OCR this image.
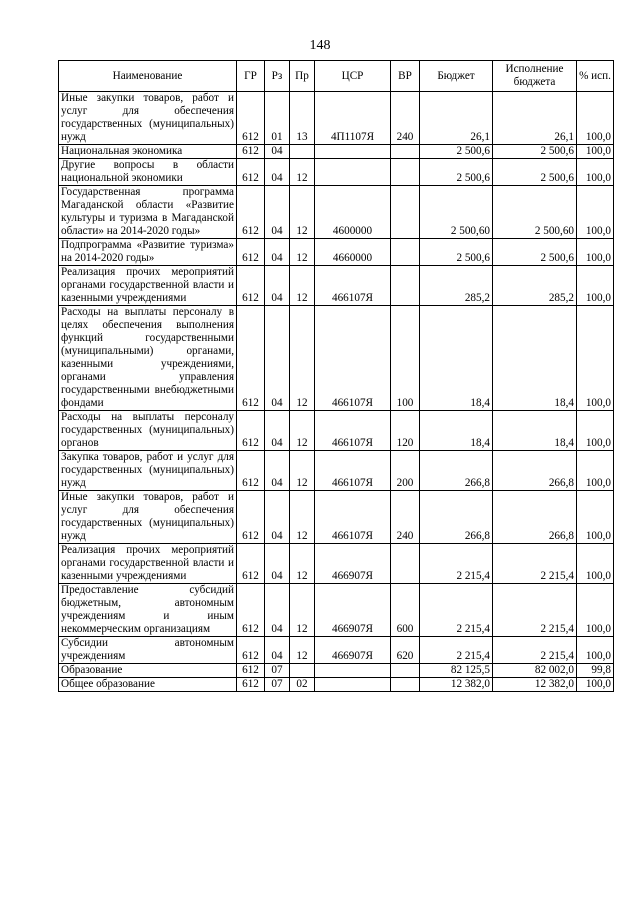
148
Наименование	ГР	Рз	Пр	ЦСР	ВР	Бюджет	Исполнение бюджета	% исп.
Иные закупки товаров, работ и услуг для обеспечения государственных (муниципальных) нужд	612	01	13	4П1107Я	240	26,1	26,1	100,0
Национальная экономика	612	04				2 500,6	2 500,6	100,0
Другие вопросы в области национальной экономики	612	04	12			2 500,6	2 500,6	100,0
Государственная программа Магаданской области «Развитие культуры и туризма в Магаданской области» на 2014-2020 годы»	612	04	12	4600000		2 500,60	2 500,60	100,0
Подпрограмма «Развитие туризма» на 2014-2020 годы»	612	04	12	4660000		2 500,6	2 500,6	100,0
Реализация прочих мероприятий органами государственной власти и казенными учреждениями	612	04	12	466107Я		285,2	285,2	100,0
Расходы на выплаты персоналу в целях обеспечения выполнения функций государственными (муниципальными) органами, казенными учреждениями, органами управления государственными внебюджетными фондами	612	04	12	466107Я	100	18,4	18,4	100,0
Расходы на выплаты персоналу государственных (муниципальных) органов	612	04	12	466107Я	120	18,4	18,4	100,0
Закупка товаров, работ и услуг для государственных (муниципальных) нужд	612	04	12	466107Я	200	266,8	266,8	100,0
Иные закупки товаров, работ и услуг для обеспечения государственных (муниципальных) нужд	612	04	12	466107Я	240	266,8	266,8	100,0
Реализация прочих мероприятий органами государственной власти и казенными учреждениями	612	04	12	466907Я		2 215,4	2 215,4	100,0
Предоставление субсидий бюджетным, автономным учреждениям и иным некоммерческим организациям	612	04	12	466907Я	600	2 215,4	2 215,4	100,0
Субсидии автономным учреждениям	612	04	12	466907Я	620	2 215,4	2 215,4	100,0
Образование	612	07				82 125,5	82 002,0	99,8
Общее образование	612	07	02			12 382,0	12 382,0	100,0
